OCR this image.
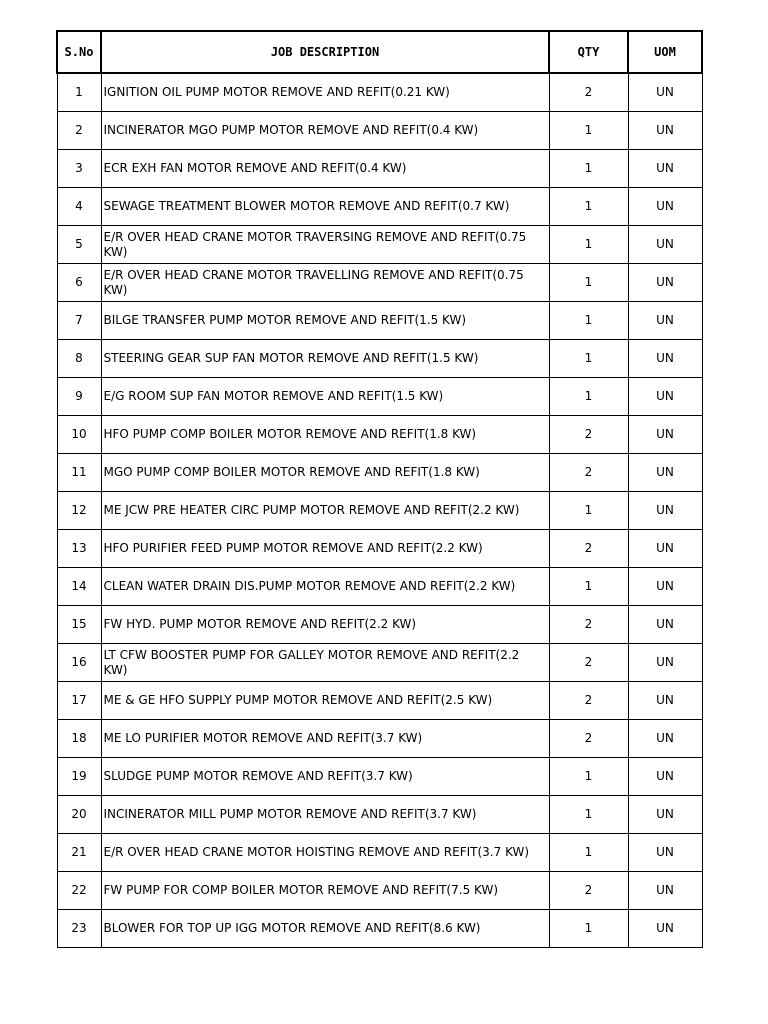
S.No	JOB DESCRIPTION	QTY	UOM
1	IGNITION OIL PUMP MOTOR REMOVE AND REFIT(0.21 KW)	2	UN
2	INCINERATOR MGO PUMP MOTOR REMOVE AND REFIT(0.4 KW)	1	UN
3	ECR EXH FAN MOTOR REMOVE AND REFIT(0.4 KW)	1	UN
4	SEWAGE TREATMENT BLOWER MOTOR REMOVE AND REFIT(0.7 KW)	1	UN
5	E/R OVER HEAD CRANE MOTOR TRAVERSING REMOVE AND REFIT(0.75 KW)	1	UN
6	E/R OVER HEAD CRANE MOTOR TRAVELLING REMOVE AND REFIT(0.75 KW)	1	UN
7	BILGE TRANSFER PUMP MOTOR REMOVE AND REFIT(1.5 KW)	1	UN
8	STEERING GEAR SUP FAN MOTOR REMOVE AND REFIT(1.5 KW)	1	UN
9	E/G ROOM SUP FAN MOTOR REMOVE AND REFIT(1.5 KW)	1	UN
10	HFO PUMP COMP BOILER MOTOR REMOVE AND REFIT(1.8 KW)	2	UN
11	MGO PUMP COMP BOILER MOTOR REMOVE AND REFIT(1.8 KW)	2	UN
12	ME JCW PRE HEATER CIRC PUMP MOTOR REMOVE AND REFIT(2.2 KW)	1	UN
13	HFO PURIFIER FEED PUMP MOTOR REMOVE AND REFIT(2.2 KW)	2	UN
14	CLEAN WATER DRAIN DIS.PUMP MOTOR REMOVE AND REFIT(2.2 KW)	1	UN
15	FW HYD. PUMP MOTOR REMOVE AND REFIT(2.2 KW)	2	UN
16	LT CFW BOOSTER PUMP FOR GALLEY MOTOR REMOVE AND REFIT(2.2 KW)	2	UN
17	ME & GE HFO SUPPLY PUMP MOTOR REMOVE AND REFIT(2.5 KW)	2	UN
18	ME LO PURIFIER MOTOR REMOVE AND REFIT(3.7 KW)	2	UN
19	SLUDGE PUMP MOTOR REMOVE AND REFIT(3.7 KW)	1	UN
20	INCINERATOR MILL PUMP MOTOR REMOVE AND REFIT(3.7 KW)	1	UN
21	E/R OVER HEAD CRANE MOTOR HOISTING REMOVE AND REFIT(3.7 KW)	1	UN
22	FW PUMP FOR COMP BOILER MOTOR REMOVE AND REFIT(7.5 KW)	2	UN
23	BLOWER FOR TOP UP IGG MOTOR REMOVE AND REFIT(8.6 KW)	1	UN
